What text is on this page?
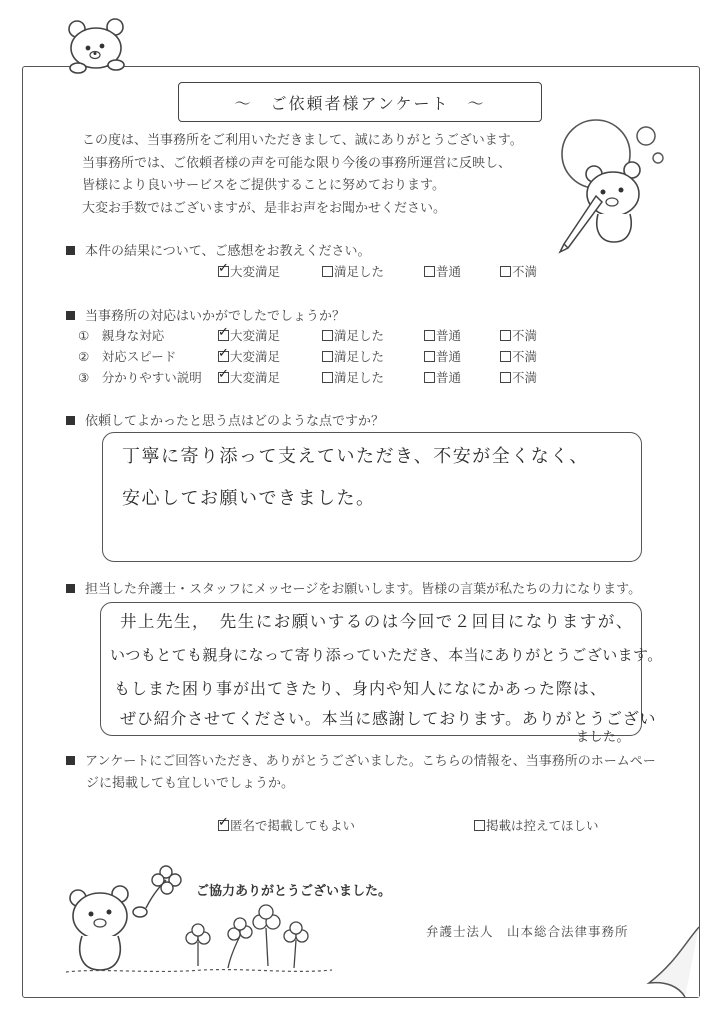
～　ご依頼者様アンケート　～

この度は、当事務所をご利用いただきまして、誠にありがとうございます。

当事務所では、ご依頼者様の声を可能な限り今後の事務所運営に反映し、

皆様により良いサービスをご提供することに努めております。

大変お手数ではございますが、是非お声をお聞かせください。

本件の結果について、ご感想をお教えください。
✓ 大変満足	満足した	普通	不満
当事務所の対応はいかがでしたでしょうか？
①　 親身な対応	✓ 大変満足	満足した	普通	不満
②　 対応スピード	✓ 大変満足	満足した	普通	不満
③　 分かりやすい説明 ✓ 大変満足	満足した	普通	不満
依頼してよかったと思う点はどのような点ですか？
丁寧に寄り添って支えていただき、不安が全くなく、
安心してお願いできました。
担当した弁護士・スタッフにメッセージをお願いします。皆様の言葉が私たちの力になります。
井上先生，　先生にお願いするのは今回で２回目になりますが、
いつもとても親身になって寄り添っていただき、本当にありがとうございます。
もしまた困り事が出てきたり、身内や知人になにかあった際は、
ぜひ紹介させてください。本当に感謝しております。ありがとうござい
ました。
アンケートにご回答いただき、ありがとうございました。こちらの情報を、当事務所のホームペー
ジに掲載しても宜しいでしょうか。
✓ 匿名で掲載してもよい	掲載は控えてほしい
ご協力ありがとうございました。
弁護士法人　山本総合法律事務所
